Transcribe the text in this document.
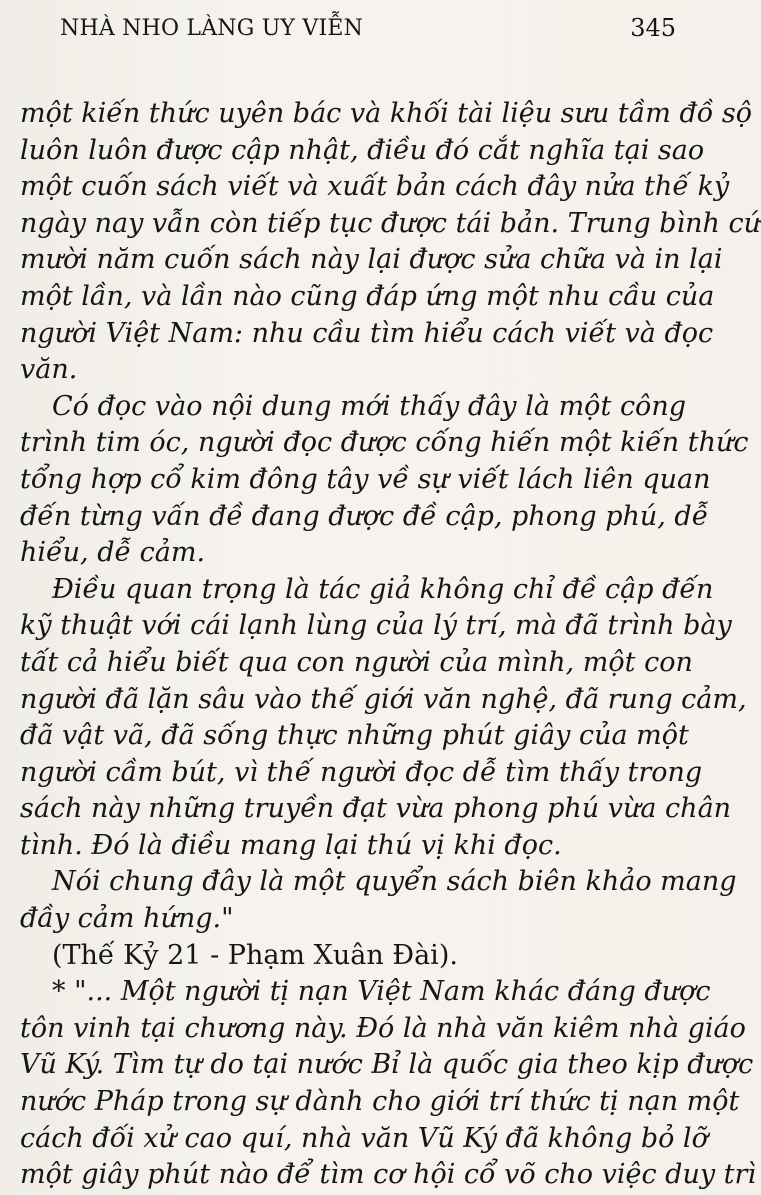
NHÀ NHO LÀNG UY VIỄN	345
một kiến thức uyên bác và khối tài liệu sưu tầm đồ sộ
luôn luôn được cập nhật, điều đó cắt nghĩa tại sao
một cuốn sách viết và xuất bản cách đây nửa thế kỷ
ngày nay vẫn còn tiếp tục được tái bản. Trung bình cứ
mười năm cuốn sách này lại được sửa chữa và in lại
một lần, và lần nào cũng đáp ứng một nhu cầu của
người Việt Nam: nhu cầu tìm hiểu cách viết và đọc
văn.
Có đọc vào nội dung mới thấy đây là một công
trình tim óc, người đọc được cống hiến một kiến thức
tổng hợp cổ kim đông tây về sự viết lách liên quan
đến từng vấn đề đang được đề cập, phong phú, dễ
hiểu, dễ cảm.
Điều quan trọng là tác giả không chỉ đề cập đến
kỹ thuật với cái lạnh lùng của lý trí, mà đã trình bày
tất cả hiểu biết qua con người của mình, một con
người đã lặn sâu vào thế giới văn nghệ, đã rung cảm,
đã vật vã, đã sống thực những phút giây của một
người cầm bút, vì thế người đọc dễ tìm thấy trong
sách này những truyền đạt vừa phong phú vừa chân
tình. Đó là điều mang lại thú vị khi đọc.
Nói chung đây là một quyển sách biên khảo mang
đầy cảm hứng."
(Thế Kỷ 21 - Phạm Xuân Đài).
* "... Một người tị nạn Việt Nam khác đáng được
tôn vinh tại chương này. Đó là nhà văn kiêm nhà giáo
Vũ Ký. Tìm tự do tại nước Bỉ là quốc gia theo kịp được
nước Pháp trong sự dành cho giới trí thức tị nạn một
cách đối xử cao quí, nhà văn Vũ Ký đã không bỏ lỡ
một giây phút nào để tìm cơ hội cổ võ cho việc duy trì
